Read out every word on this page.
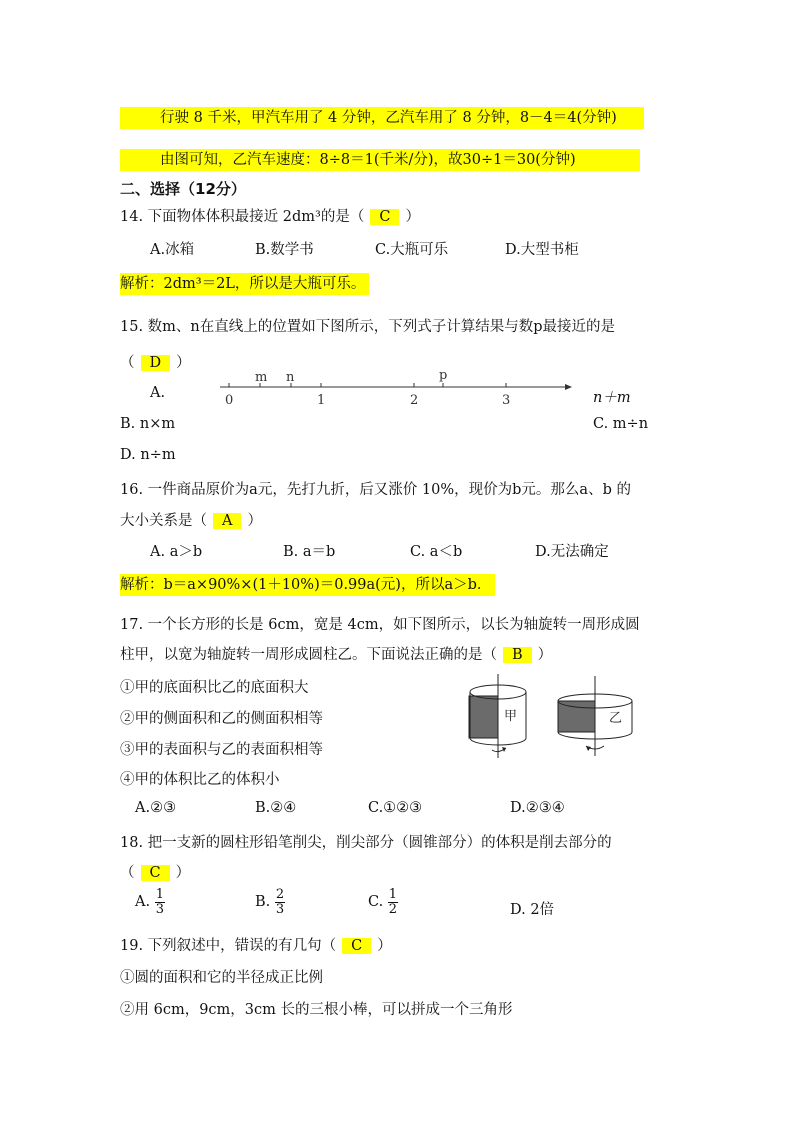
行驶 8 千米，甲汽车用了 4 分钟，乙汽车用了 8 分钟，8－4＝4(分钟)
由图可知，乙汽车速度：8÷8＝1(千米/分)，故30÷1＝30(分钟)
二、选择（12分）
14. 下面物体体积最接近 2dm³的是（ C ）
A.冰箱	B.数学书	C.大瓶可乐	D.大型书柜
解析：2dm³＝2L，所以是大瓶可乐。
15. 数m、n在直线上的位置如下图所示，下列式子计算结果与数p最接近的是
（ D ）
A.
m n	p
0	1	2	3	n＋m
B. n×m	C. m÷n
D. n÷m
16. 一件商品原价为a元，先打九折，后又涨价 10%，现价为b元。那么a、b 的
大小关系是（ A ）
A. a＞b	B. a＝b	C. a＜b	D.无法确定
解析：b＝a×90%×(1＋10%)＝0.99a(元)，所以a＞b．
17. 一个长方形的长是 6cm，宽是 4cm，如下图所示，以长为轴旋转一周形成圆
柱甲，以宽为轴旋转一周形成圆柱乙。下面说法正确的是（ B ）
①甲的底面积比乙的底面积大
②甲的侧面积和乙的侧面积相等
③甲的表面积与乙的表面积相等
④甲的体积比乙的体积小
甲	乙
A.②③	B.②④	C.①②③	D.②③④
18. 把一支新的圆柱形铅笔削尖，削尖部分（圆锥部分）的体积是削去部分的
（ C ）
A. $\frac{1}{3}$	B. $\frac{2}{3}$	C. $\frac{1}{2}$	D. 2倍
19. 下列叙述中，错误的有几句（ C ）
①圆的面积和它的半径成正比例
②用 6cm，9cm，3cm 长的三根小棒，可以拼成一个三角形
